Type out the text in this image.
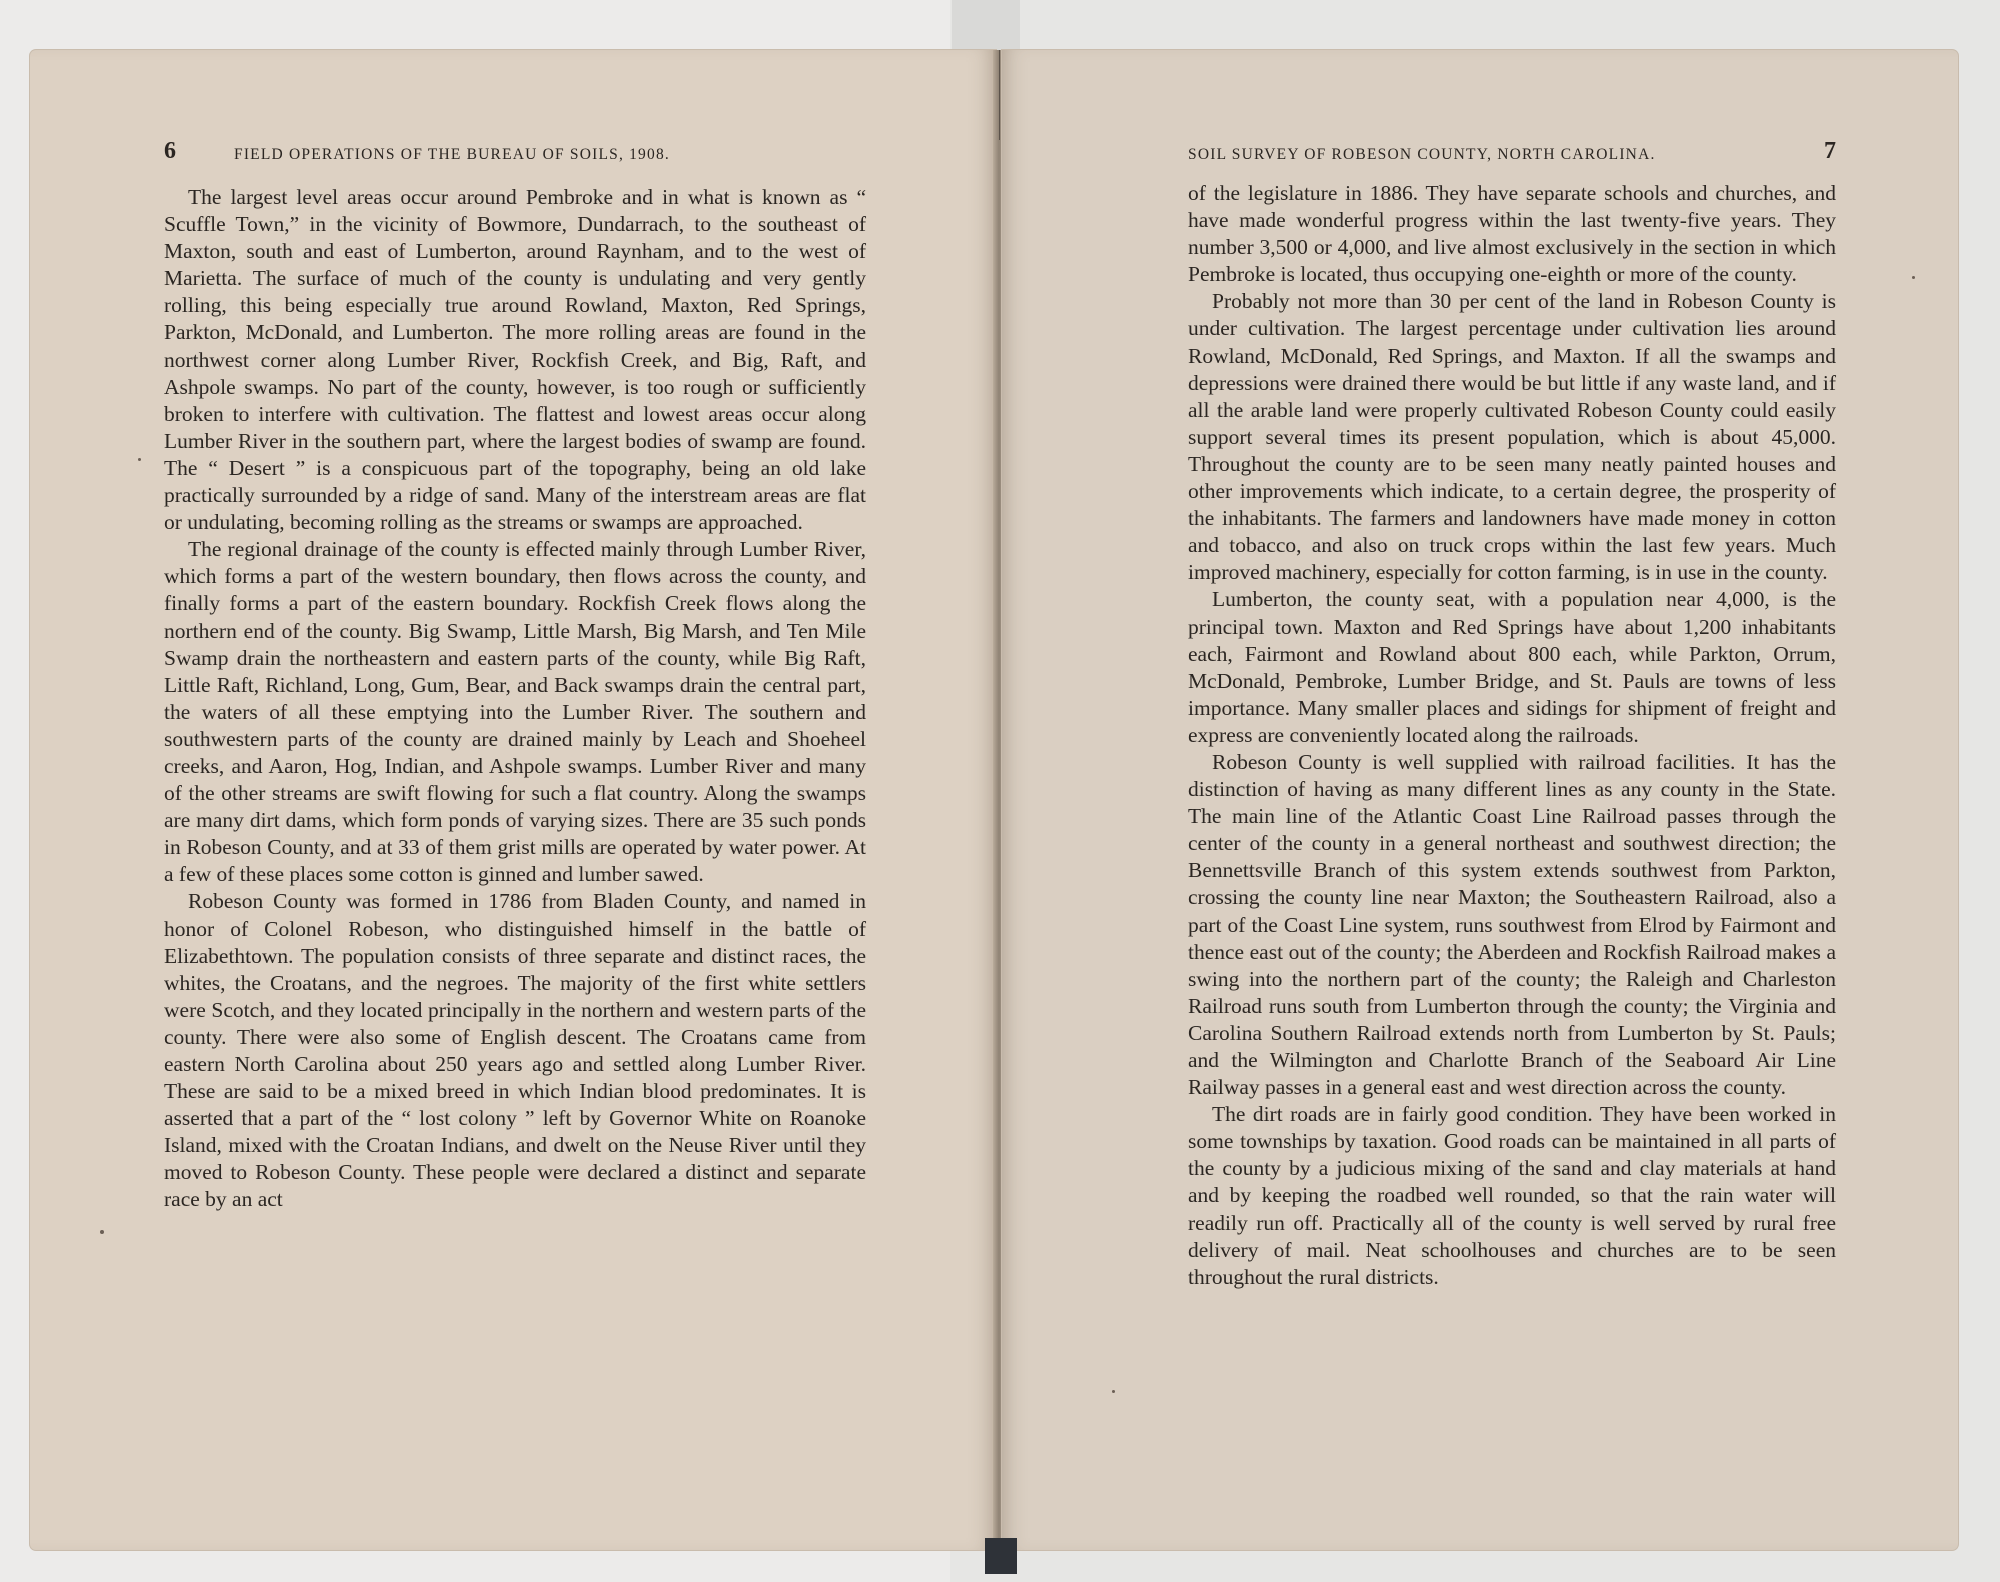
6	FIELD OPERATIONS OF THE BUREAU OF SOILS, 1908.

The largest level areas occur around Pembroke and in what is known as “ Scuffle Town,” in the vicinity of Bowmore, Dundarrach, to the southeast of Maxton, south and east of Lumberton, around Raynham, and to the west of Marietta. The surface of much of the county is undulating and very gently rolling, this being especially true around Rowland, Maxton, Red Springs, Parkton, McDonald, and Lumberton. The more rolling areas are found in the northwest corner along Lumber River, Rockfish Creek, and Big, Raft, and Ashpole swamps. No part of the county, however, is too rough or sufficiently broken to interfere with cultivation. The flattest and lowest areas occur along Lumber River in the southern part, where the largest bodies of swamp are found. The “ Desert ” is a conspicuous part of the topography, being an old lake practically surrounded by a ridge of sand. Many of the interstream areas are flat or undulating, becoming rolling as the streams or swamps are approached.

The regional drainage of the county is effected mainly through Lumber River, which forms a part of the western boundary, then flows across the county, and finally forms a part of the eastern boundary. Rockfish Creek flows along the northern end of the county. Big Swamp, Little Marsh, Big Marsh, and Ten Mile Swamp drain the northeastern and eastern parts of the county, while Big Raft, Little Raft, Richland, Long, Gum, Bear, and Back swamps drain the central part, the waters of all these emptying into the Lumber River. The southern and southwestern parts of the county are drained mainly by Leach and Shoeheel creeks, and Aaron, Hog, Indian, and Ashpole swamps. Lumber River and many of the other streams are swift flowing for such a flat country. Along the swamps are many dirt dams, which form ponds of varying sizes. There are 35 such ponds in Robeson County, and at 33 of them grist mills are operated by water power. At a few of these places some cotton is ginned and lumber sawed.

Robeson County was formed in 1786 from Bladen County, and named in honor of Colonel Robeson, who distinguished himself in the battle of Elizabethtown. The population consists of three separate and distinct races, the whites, the Croatans, and the negroes. The majority of the first white settlers were Scotch, and they located principally in the northern and western parts of the county. There were also some of English descent. The Croatans came from eastern North Carolina about 250 years ago and settled along Lumber River. These are said to be a mixed breed in which Indian blood predominates. It is asserted that a part of the “ lost colony ” left by Governor White on Roanoke Island, mixed with the Croatan Indians, and dwelt on the Neuse River until they moved to Robeson County. These people were declared a distinct and separate race by an act

SOIL SURVEY OF ROBESON COUNTY, NORTH CAROLINA.	7

of the legislature in 1886. They have separate schools and churches, and have made wonderful progress within the last twenty-five years. They number 3,500 or 4,000, and live almost exclusively in the section in which Pembroke is located, thus occupying one-eighth or more of the county.

Probably not more than 30 per cent of the land in Robeson County is under cultivation. The largest percentage under cultivation lies around Rowland, McDonald, Red Springs, and Maxton. If all the swamps and depressions were drained there would be but little if any waste land, and if all the arable land were properly cultivated Robeson County could easily support several times its present population, which is about 45,000. Throughout the county are to be seen many neatly painted houses and other improvements which indicate, to a certain degree, the prosperity of the inhabitants. The farmers and landowners have made money in cotton and tobacco, and also on truck crops within the last few years. Much improved machinery, especially for cotton farming, is in use in the county.

Lumberton, the county seat, with a population near 4,000, is the principal town. Maxton and Red Springs have about 1,200 inhabitants each, Fairmont and Rowland about 800 each, while Parkton, Orrum, McDonald, Pembroke, Lumber Bridge, and St. Pauls are towns of less importance. Many smaller places and sidings for shipment of freight and express are conveniently located along the railroads.

Robeson County is well supplied with railroad facilities. It has the distinction of having as many different lines as any county in the State. The main line of the Atlantic Coast Line Railroad passes through the center of the county in a general northeast and southwest direction; the Bennettsville Branch of this system extends southwest from Parkton, crossing the county line near Maxton; the Southeastern Railroad, also a part of the Coast Line system, runs southwest from Elrod by Fairmont and thence east out of the county; the Aberdeen and Rockfish Railroad makes a swing into the northern part of the county; the Raleigh and Charleston Railroad runs south from Lumberton through the county; the Virginia and Carolina Southern Railroad extends north from Lumberton by St. Pauls; and the Wilmington and Charlotte Branch of the Seaboard Air Line Railway passes in a general east and west direction across the county.

The dirt roads are in fairly good condition. They have been worked in some townships by taxation. Good roads can be maintained in all parts of the county by a judicious mixing of the sand and clay materials at hand and by keeping the roadbed well rounded, so that the rain water will readily run off. Practically all of the county is well served by rural free delivery of mail. Neat schoolhouses and churches are to be seen throughout the rural districts.
